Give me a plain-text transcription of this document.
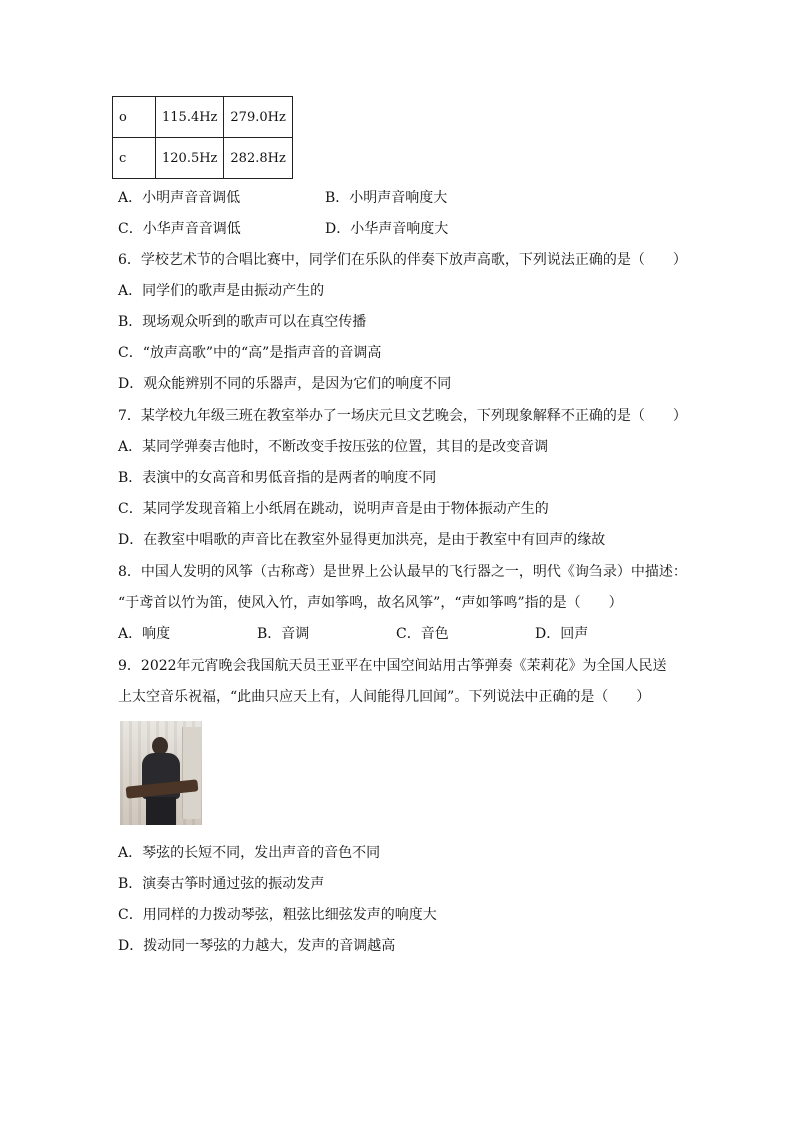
o	115.4Hz	279.0Hz
c	120.5Hz	282.8Hz
A．小明声音音调低	B．小明声音响度大
C．小华声音音调低	D．小华声音响度大
6．学校艺术节的合唱比赛中，同学们在乐队的伴奏下放声高歌，下列说法正确的是（　　）
A．同学们的歌声是由振动产生的
B．现场观众听到的歌声可以在真空传播
C．“放声高歌”中的“高”是指声音的音调高
D．观众能辨别不同的乐器声，是因为它们的响度不同
7．某学校九年级三班在教室举办了一场庆元旦文艺晚会，下列现象解释不正确的是（　　）
A．某同学弹奏吉他时，不断改变手按压弦的位置，其目的是改变音调
B．表演中的女高音和男低音指的是两者的响度不同
C．某同学发现音箱上小纸屑在跳动，说明声音是由于物体振动产生的
D．在教室中唱歌的声音比在教室外显得更加洪亮，是由于教室中有回声的缘故
8．中国人发明的风筝（古称鸢）是世界上公认最早的飞行器之一，明代《询刍录）中描述：
“于鸢首以竹为笛，使风入竹，声如筝鸣，故名风筝”，“声如筝鸣”指的是（　　）
A．响度	B．音调	C．音色	D．回声
9．2022年元宵晚会我国航天员王亚平在中国空间站用古筝弹奏《茉莉花》为全国人民送
上太空音乐祝福，“此曲只应天上有，人间能得几回闻”。下列说法中正确的是（　　）
A．琴弦的长短不同，发出声音的音色不同
B．演奏古筝时通过弦的振动发声
C．用同样的力拨动琴弦，粗弦比细弦发声的响度大
D．拨动同一琴弦的力越大，发声的音调越高
